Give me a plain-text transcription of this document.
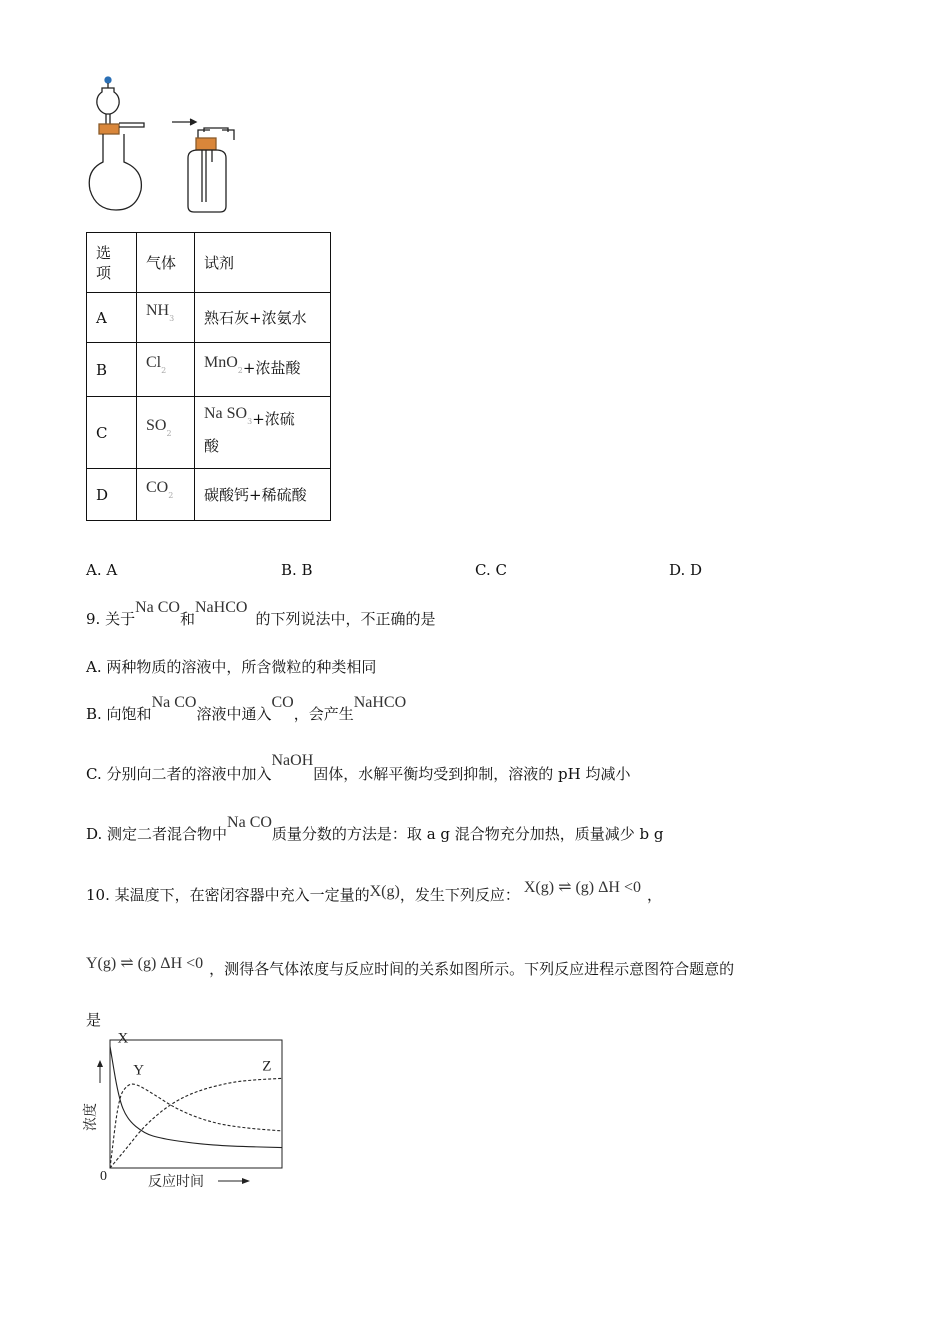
选
项	气体	试剂
A	NH3	熟石灰+浓氨水
B	Cl2	MnO2+浓盐酸
C	SO2	Na SO3+浓硫
酸
D	CO2	碳酸钙+稀硫酸
A. A	B. B	C. C	D. D
9. 关于Na CO和NaHCO的下列说法中，不正确的是
A. 两种物质的溶液中，所含微粒的种类相同
B. 向饱和Na CO溶液中通入CO，会产生NaHCO
C. 分别向二者的溶液中加入NaOH固体，水解平衡均受到抑制，溶液的 pH 均减小
D. 测定二者混合物中Na CO质量分数的方法是：取 a g 混合物充分加热，质量减少 b g
10. 某温度下，在密闭容器中充入一定量的X(g)，发生下列反应： X(g) ⇌ (g) ΔH <0 ，
Y(g) ⇌ (g) ΔH <0 ，测得各气体浓度与反应时间的关系如图所示。下列反应进程示意图符合题意的
是
X
Y	Z
浓度
0	反应时间
